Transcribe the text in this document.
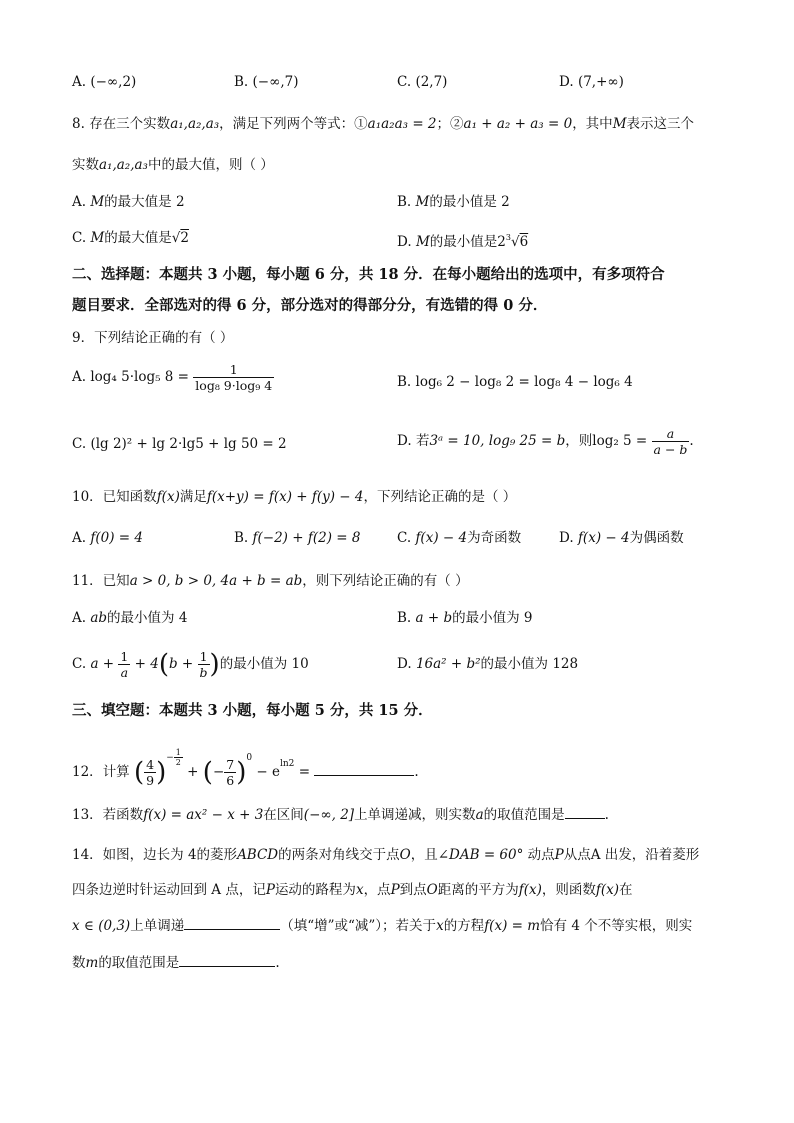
A. (−∞,2)	B. (−∞,7)	C. (2,7)	D. (7,+∞)
8. 存在三个实数a₁,a₂,a₃，满足下列两个等式：①a₁a₂a₃ = 2；②a₁ + a₂ + a₃ = 0，其中M表示这三个
实数a₁,a₂,a₃中的最大值，则（ ）
A. M的最大值是 2	B. M的最小值是 2
C. M的最大值是√2	D. M的最小值是$2^3√6$
二、选择题：本题共 3 小题，每小题 6 分，共 18 分．在每小题给出的选项中，有多项符合
题目要求．全部选对的得 6 分，部分选对的得部分分，有选错的得 0 分．
9．下列结论正确的有（ ）
A. log₄ 5·log₅ $8 = \frac{1}{\text{log₈ 9·log₉ 4}}$	B. log₆ 2 − log₈ 2 = log₈ 4 − log₆ 4
C. (lg 2)² + lg 2·lg5 + lg 50 = 2	D. 若3ᵃ = 10, log₉ 25 = b，则log₂ $5 = \frac{a}{a - b}$ .
10．已知函数f(x)满足f(x+y) = f(x) + f(y) − 4，下列结论正确的是（ ）
A. f(0) = 4	B. f(−2) + f(2) = 8	C. f(x) − 4为奇函数	D. f(x) − 4为偶函数
11．已知a > 0, b > 0, 4a + b = ab，则下列结论正确的有（ ）
A. ab的最小值为 4	B. a + b的最小值为 9
C. $a + \frac{1}{a} + 4(b + \frac{1}{b}$ )的最小值为 10	D. 16a² + b²的最小值为 128
三、填空题：本题共 3 小题，每小题 5 分，共 15 分．
12．计算 ( $\frac{4}{9} )^{- \frac{1}{2}}$
+ (− $\frac{7}{6} )^0 - e^{ln2}$ =	.
13．若函数f(x) = ax² − x + 3在区间(−∞, 2]上单调递减，则实数a的取值范围是	.
14．如图，边长为 4的菱形ABCD的两条对角线交于点O，且∠DAB = 60° 动点P从点A 出发，沿着菱形
四条边逆时针运动回到 A 点，记P运动的路程为x，点P到点O距离的平方为f(x)，则函数f(x)在
x ∈ (0,3)上单调递	（填“增”或“减”）；若关于x的方程f(x) = m恰有 4 个不等实根，则实
数m的取值范围是	.
